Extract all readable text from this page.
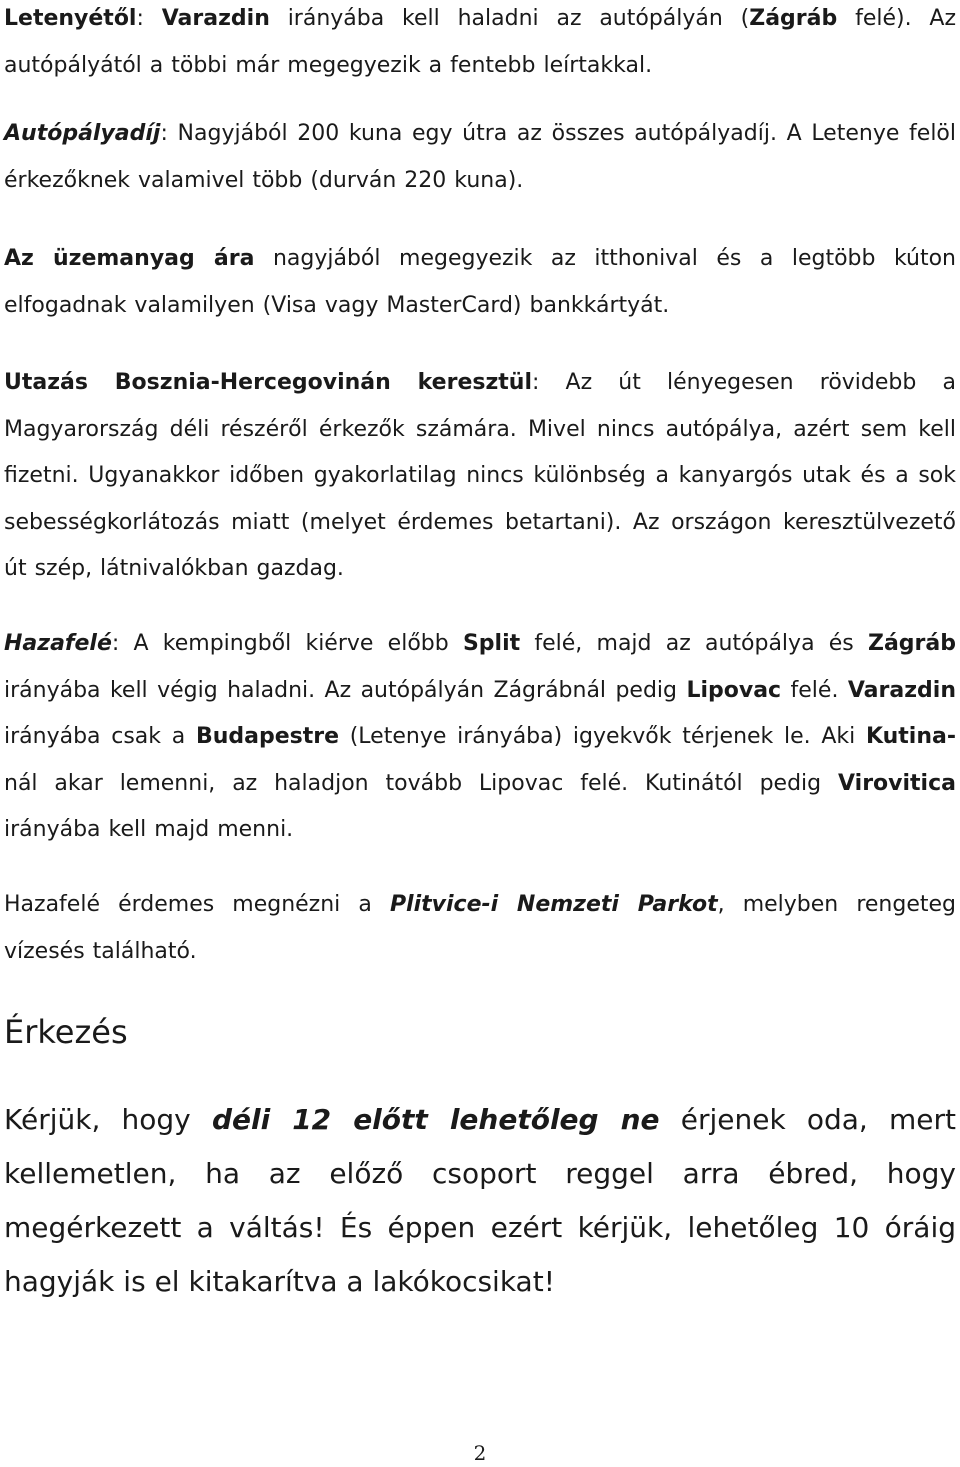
Letenyétől: Varazdin irányába kell haladni az autópályán (Zágráb felé). Az autópályától a többi már megegyezik a fentebb leírtakkal.

Autópályadíj: Nagyjából 200 kuna egy útra az összes autópályadíj. A Letenye felöl érkezőknek valamivel több (durván 220 kuna).

Az üzemanyag ára nagyjából megegyezik az itthonival és a legtöbb kúton elfogadnak valamilyen (Visa vagy MasterCard) bankkártyát.

Utazás Bosznia-Hercegovinán keresztül: Az út lényegesen rövidebb a Magyarország déli részéről érkezők számára. Mivel nincs autópálya, azért sem kell fizetni. Ugyanakkor időben gyakorlatilag nincs különbség a kanyargós utak és a sok sebességkorlátozás miatt (melyet érdemes betartani). Az országon keresztülvezető út szép, látnivalókban gazdag.

Hazafelé: A kempingből kiérve előbb Split felé, majd az autópálya és Zágráb irányába kell végig haladni. Az autópályán Zágrábnál pedig Lipovac felé. Varazdin irányába csak a Budapestre (Letenye irányába) igyekvők térjenek le. Aki Kutina-nál akar lemenni, az haladjon tovább Lipovac felé. Kutinától pedig Virovitica irányába kell majd menni.

Hazafelé érdemes megnézni a Plitvice-i Nemzeti Parkot, melyben rengeteg vízesés található.

Érkezés

Kérjük, hogy déli 12 előtt lehetőleg ne érjenek oda, mert kellemetlen, ha az előző csoport reggel arra ébred, hogy megérkezett a váltás! És éppen ezért kérjük, lehetőleg 10 óráig hagyják is el kitakarítva a lakókocsikat!

2
